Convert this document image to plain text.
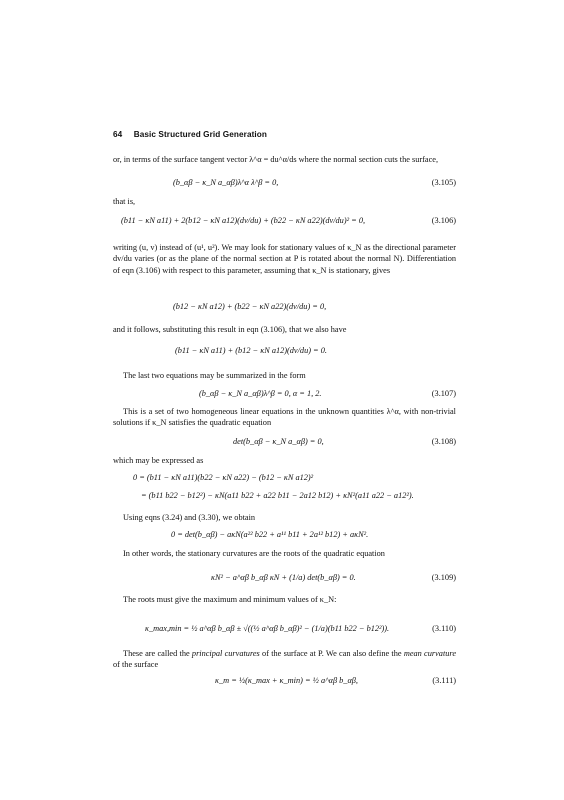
64 Basic Structured Grid Generation
or, in terms of the surface tangent vector λ^α = du^α/ds where the normal section cuts the surface,
(b_αβ − κ_N a_αβ)λ^α λ^β = 0,	(3.105)
that is,
(b11 − κN a11) + 2(b12 − κN a12)(dv/du) + (b22 − κN a22)(dv/du)² = 0,	(3.106)
writing (u, v) instead of (u¹, u²). We may look for stationary values of κ_N as the directional parameter dv/du varies (or as the plane of the normal section at P is rotated about the normal N). Differentiation of eqn (3.106) with respect to this parameter, assuming that κ_N is stationary, gives
(b12 − κN a12) + (b22 − κN a22)(dv/du) = 0,
and it follows, substituting this result in eqn (3.106), that we also have
(b11 − κN a11) + (b12 − κN a12)(dv/du) = 0.
The last two equations may be summarized in the form
(b_αβ − κ_N a_αβ)λ^β = 0, α = 1, 2.	(3.107)
This is a set of two homogeneous linear equations in the unknown quantities λ^α, with non-trivial solutions if κ_N satisfies the quadratic equation
det(b_αβ − κ_N a_αβ) = 0,	(3.108)
which may be expressed as
0 = (b11 − κN a11)(b22 − κN a22) − (b12 − κN a12)²
= (b11 b22 − b12²) − κN(a11 b22 + a22 b11 − 2a12 b12) + κN²(a11 a22 − a12²).
Using eqns (3.24) and (3.30), we obtain
0 = det(b_αβ) − aκN(a²² b22 + a¹¹ b11 + 2a¹² b12) + aκN².
In other words, the stationary curvatures are the roots of the quadratic equation
κN² − a^αβ b_αβ κN + (1/a) det(b_αβ) = 0.	(3.109)
The roots must give the maximum and minimum values of κ_N:
κ_max,min = ½ a^αβ b_αβ ± √((½ a^αβ b_αβ)² − (1/a)(b11 b22 − b12²)).	(3.110)
These are called the principal curvatures of the surface at P. We can also define the mean curvature of the surface
κ_m = ½(κ_max + κ_min) = ½ a^αβ b_αβ,	(3.111)
